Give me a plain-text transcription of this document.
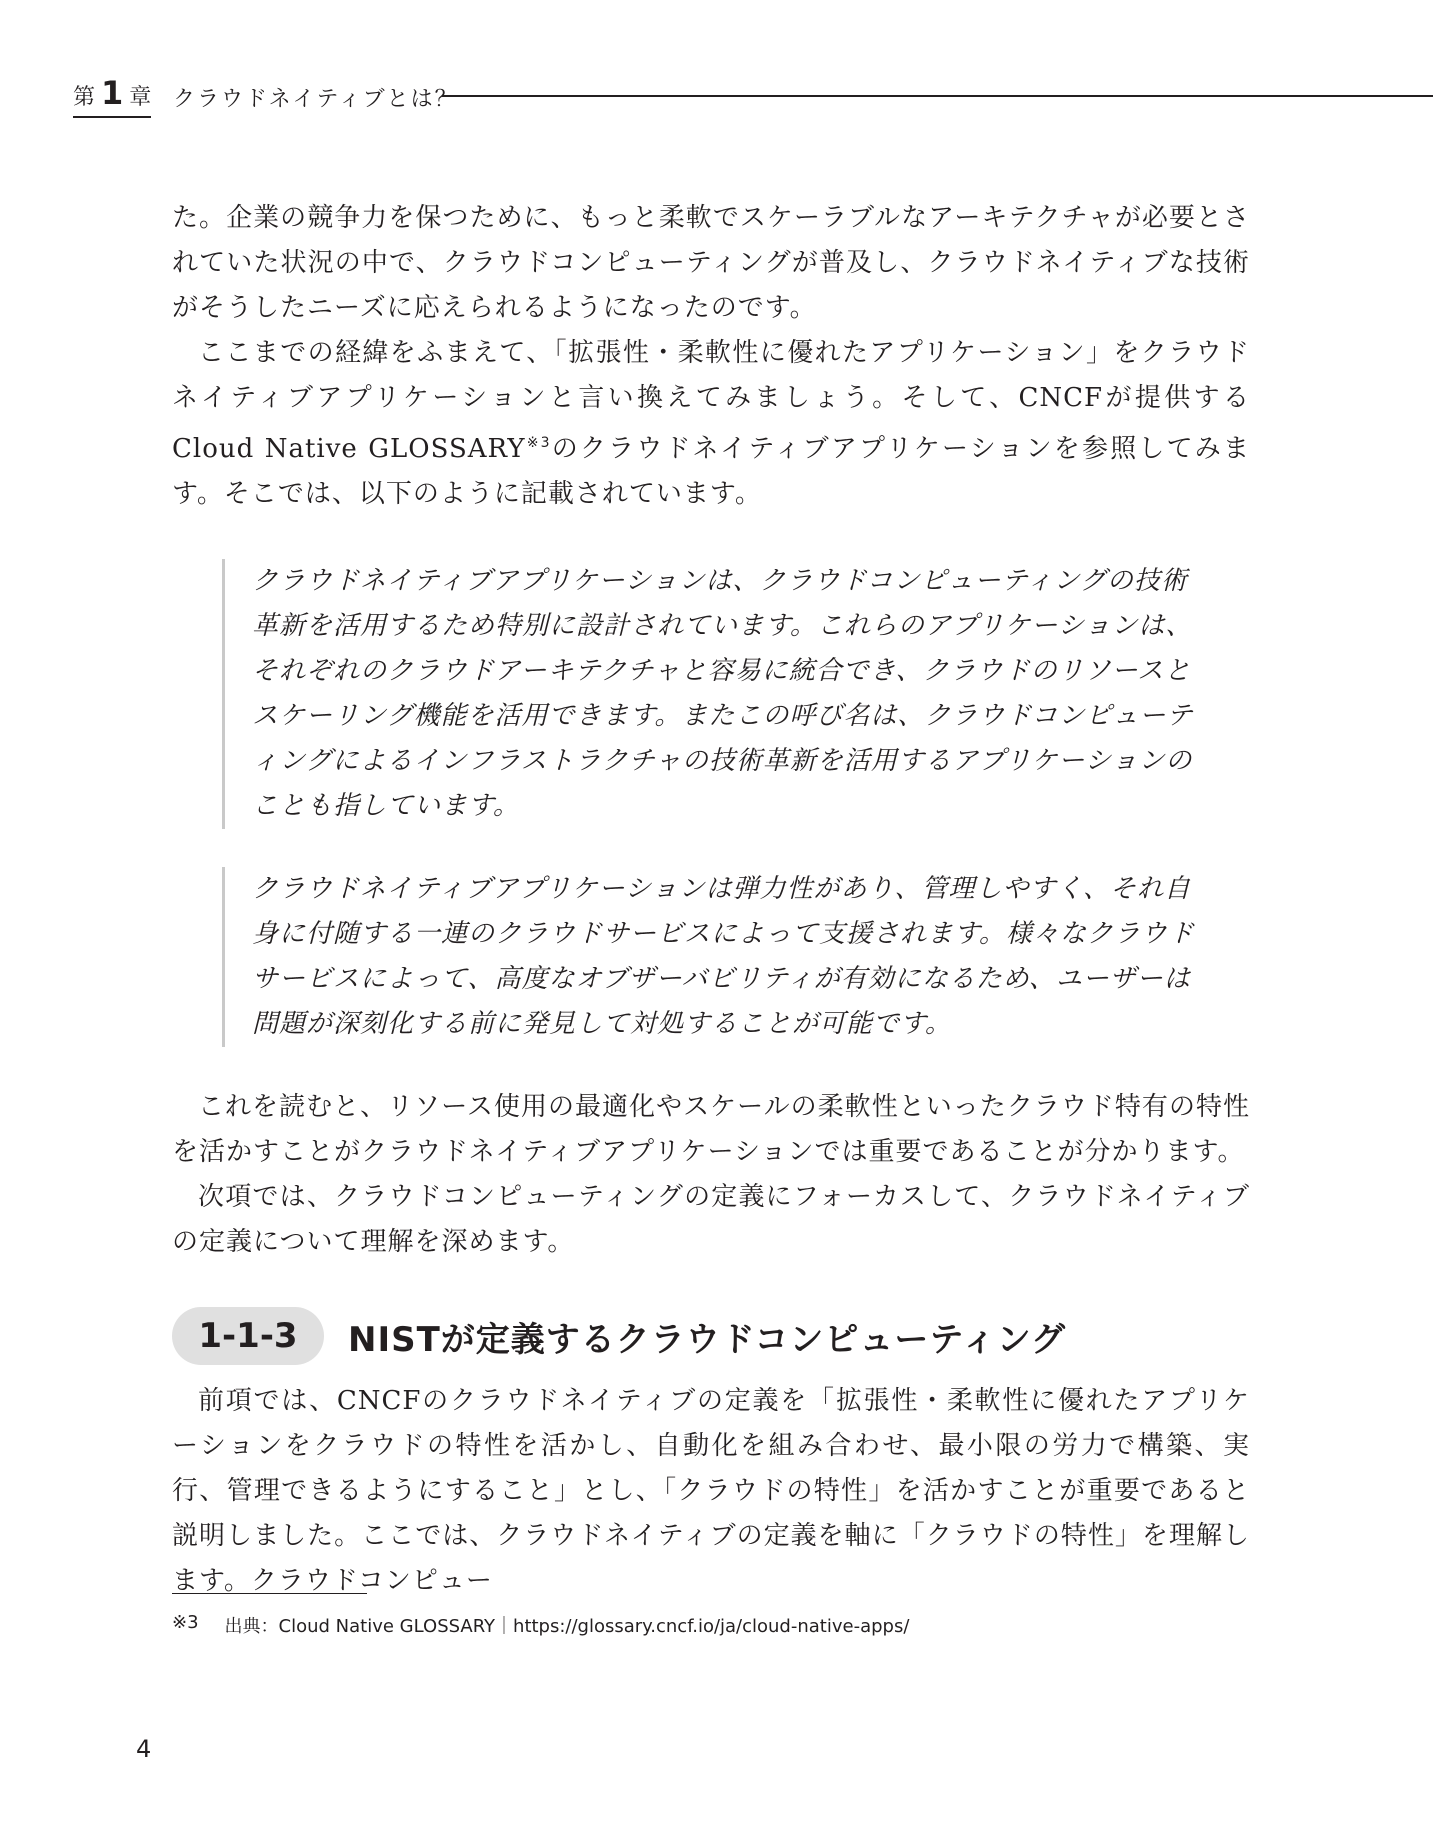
第 1 章 クラウドネイティブとは？

た。企業の競争力を保つために、もっと柔軟でスケーラブルなアーキテクチャが必要とされていた状況の中で、クラウドコンピューティングが普及し、クラウドネイティブな技術がそうしたニーズに応えられるようになったのです。

ここまでの経緯をふまえて、「拡張性・柔軟性に優れたアプリケーション」をクラウドネイティブアプリケーションと言い換えてみましょう。そして、CNCFが提供するCloud Native GLOSSARY$^{※3}$のクラウドネイティブアプリケーションを参照してみます。そこでは、以下のように記載されています。

クラウドネイティブアプリケーションは、クラウドコンピューティングの技術革新を活用するため特別に設計されています。これらのアプリケーションは、それぞれのクラウドアーキテクチャと容易に統合でき、クラウドのリソースとスケーリング機能を活用できます。またこの呼び名は、クラウドコンピューティングによるインフラストラクチャの技術革新を活用するアプリケーションのことも指しています。
クラウドネイティブアプリケーションは弾力性があり、管理しやすく、それ自身に付随する一連のクラウドサービスによって支援されます。様々なクラウドサービスによって、高度なオブザーバビリティが有効になるため、ユーザーは問題が深刻化する前に発見して対処することが可能です。

これを読むと、リソース使用の最適化やスケールの柔軟性といったクラウド特有の特性を活かすことがクラウドネイティブアプリケーションでは重要であることが分かります。

次項では、クラウドコンピューティングの定義にフォーカスして、クラウドネイティブの定義について理解を深めます。

1-1-3	NISTが定義するクラウドコンピューティング

前項では、CNCFのクラウドネイティブの定義を「拡張性・柔軟性に優れたアプリケーションをクラウドの特性を活かし、自動化を組み合わせ、最小限の労力で構築、実行、管理できるようにすること」とし、「クラウドの特性」を活かすことが重要であると説明しました。ここでは、クラウドネイティブの定義を軸に「クラウドの特性」を理解します。クラウドコンピュー

※3 出典：Cloud Native GLOSSARY｜https://glossary.cncf.io/ja/cloud-native-apps/
4
